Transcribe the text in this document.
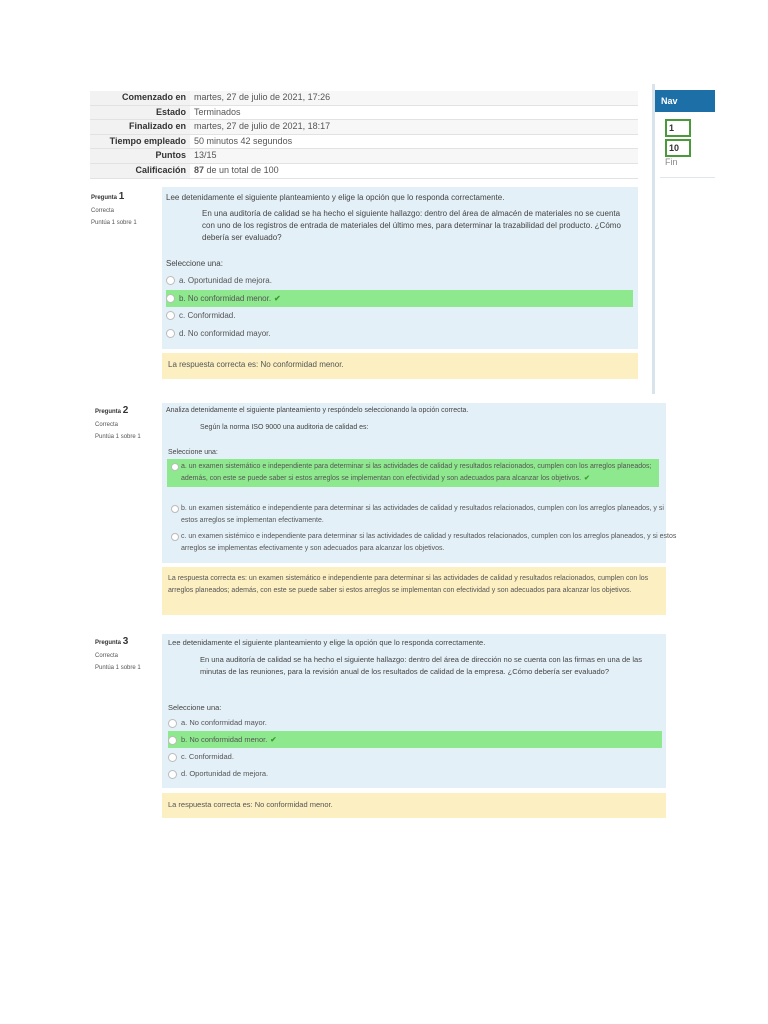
Comenzado en	martes, 27 de julio de 2021, 17:26
Estado	Terminados
Finalizado en	martes, 27 de julio de 2021, 18:17
Tiempo empleado	50 minutos 42 segundos
Puntos	13/15
Calificación	87 de un total de 100
Nav
1
10
Fin
Pregunta 1
Correcta
Puntúa 1 sobre 1
Lee detenidamente el siguiente planteamiento y elige la opción que lo responda correctamente.
En una auditoría de calidad se ha hecho el siguiente hallazgo: dentro del área de almacén de materiales no se cuenta con uno de los registros de entrada de materiales del último mes, para determinar la trazabilidad del producto. ¿Cómo debería ser evaluado?
Seleccione una:
a. Oportunidad de mejora.
b. No conformidad menor. ✔
c. Conformidad.
d. No conformidad mayor.
La respuesta correcta es: No conformidad menor.
Pregunta 2
Correcta
Puntúa 1 sobre 1
Analiza detenidamente el siguiente planteamiento y respóndelo seleccionando la opción correcta.
Según la norma ISO 9000 una auditoria de calidad es:
Seleccione una:
a. un examen sistemático e independiente para determinar si las actividades de calidad y resultados relacionados, cumplen con los arreglos planeados; además, con este se puede saber si estos arreglos se implementan con efectividad y son adecuados para alcanzar los objetivos. ✔
b. un examen sistemático e independiente para determinar si las actividades de calidad y resultados relacionados, cumplen con los arreglos planeados, y si estos arreglos se implementan efectivamente.
c. un examen sistémico e independiente para determinar si las actividades de calidad y resultados relacionados, cumplen con los arreglos planeados, y si estos arreglos se implementas efectivamente y son adecuados para alcanzar los objetivos.
La respuesta correcta es: un examen sistemático e independiente para determinar si las actividades de calidad y resultados relacionados, cumplen con los arreglos planeados; además, con este se puede saber si estos arreglos se implementan con efectividad y son adecuados para alcanzar los objetivos.
Pregunta 3
Correcta
Puntúa 1 sobre 1
Lee detenidamente el siguiente planteamiento y elige la opción que lo responda correctamente.
En una auditoría de calidad se ha hecho el siguiente hallazgo: dentro del área de dirección no se cuenta con las firmas en una de las minutas de las reuniones, para la revisión anual de los resultados de calidad de la empresa. ¿Cómo debería ser evaluado?
Seleccione una:
a. No conformidad mayor.
b. No conformidad menor. ✔
c. Conformidad.
d. Oportunidad de mejora.
La respuesta correcta es: No conformidad menor.
